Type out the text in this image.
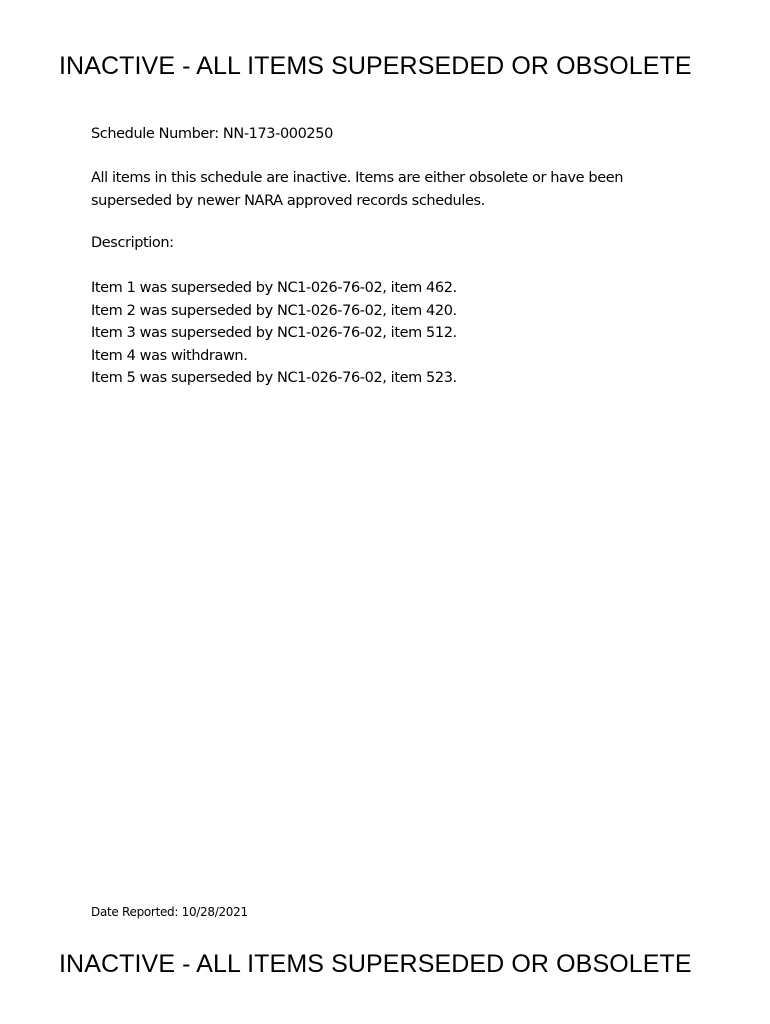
INACTIVE - ALL ITEMS SUPERSEDED OR OBSOLETE
Schedule Number: NN-173-000250
All items in this schedule are inactive. Items are either obsolete or have been
superseded by newer NARA approved records schedules.
Description:
Item 1 was superseded by NC1-026-76-02, item 462.
Item 2 was superseded by NC1-026-76-02, item 420.
Item 3 was superseded by NC1-026-76-02, item 512.
Item 4 was withdrawn.
Item 5 was superseded by NC1-026-76-02, item 523.
Date Reported: 10/28/2021
INACTIVE - ALL ITEMS SUPERSEDED OR OBSOLETE
